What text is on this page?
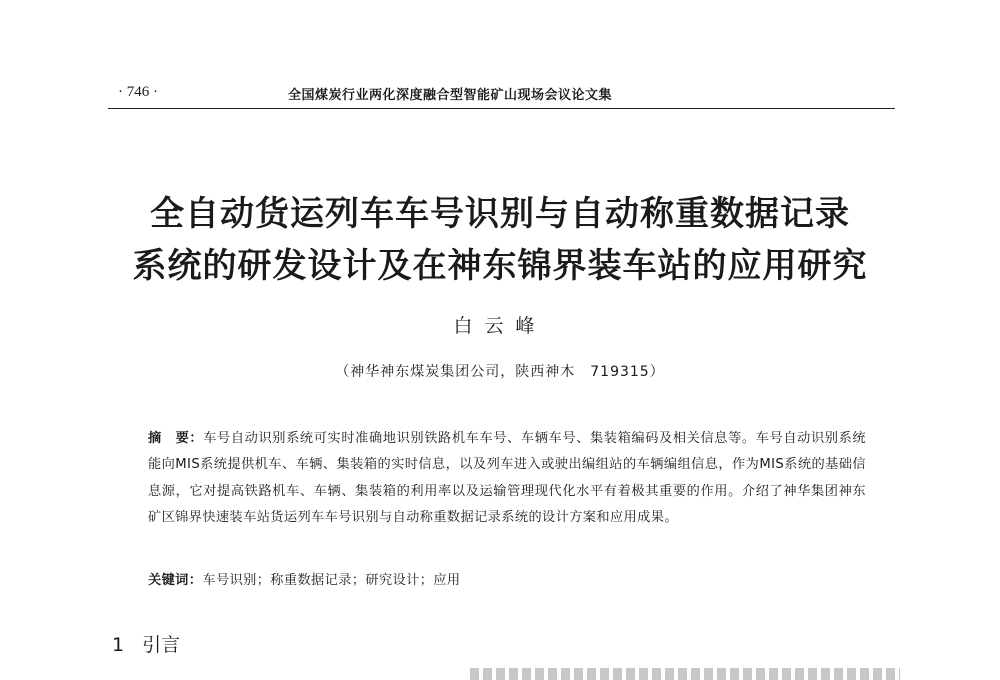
· 746 ·	全国煤炭行业两化深度融合型智能矿山现场会议论文集
全自动货运列车车号识别与自动称重数据记录
系统的研发设计及在神东锦界装车站的应用研究
白云峰
（神华神东煤炭集团公司，陕西神木　719315）
摘　要：车号自动识别系统可实时准确地识别铁路机车车号、车辆车号、集装箱编码及相关信息等。车号自动识别系统能向MIS系统提供机车、车辆、集装箱的实时信息，以及列车进入或驶出编组站的车辆编组信息，作为MIS系统的基础信息源，它对提高铁路机车、车辆、集装箱的利用率以及运输管理现代化水平有着极其重要的作用。介绍了神华集团神东矿区锦界快速装车站货运列车车号识别与自动称重数据记录系统的设计方案和应用成果。
关键词：车号识别；称重数据记录；研究设计；应用
1 引言
